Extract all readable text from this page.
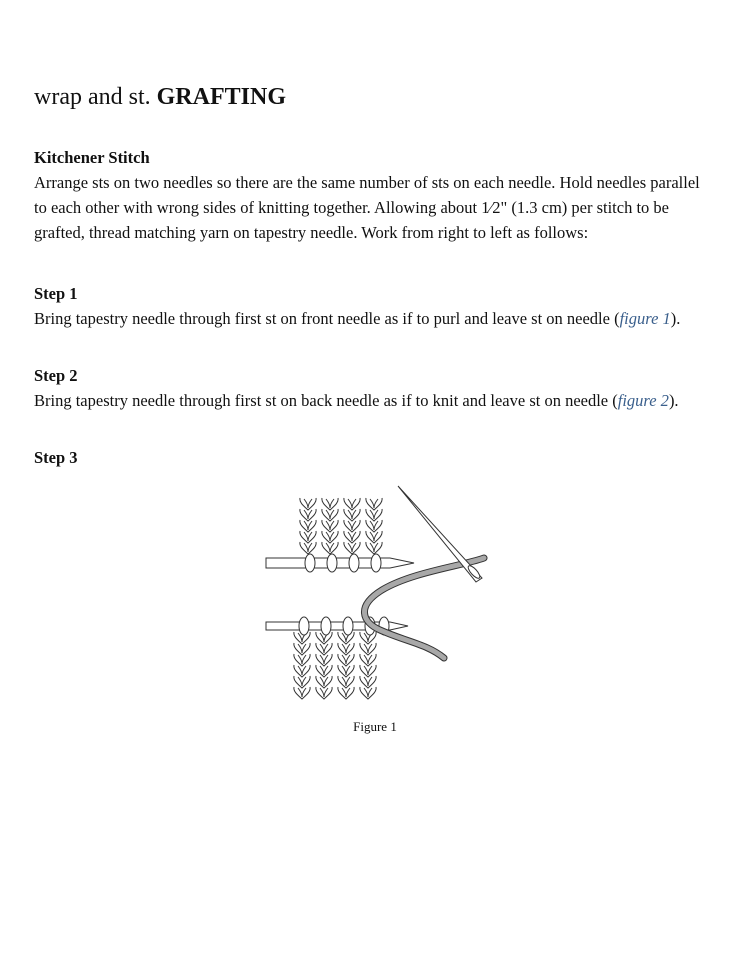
wrap and st. GRAFTING
Kitchener Stitch
Arrange sts on two needles so there are the same number of sts on each needle. Hold needles parallel to each other with wrong sides of knitting together. Allowing about 1⁄2" (1.3 cm) per stitch to be grafted, thread matching yarn on tapestry needle. Work from right to left as follows:
Step 1
Bring tapestry needle through first st on front needle as if to purl and leave st on needle (figure 1).
Step 2
Bring tapestry needle through first st on back needle as if to knit and leave st on needle (figure 2).
Step 3
Figure 1
